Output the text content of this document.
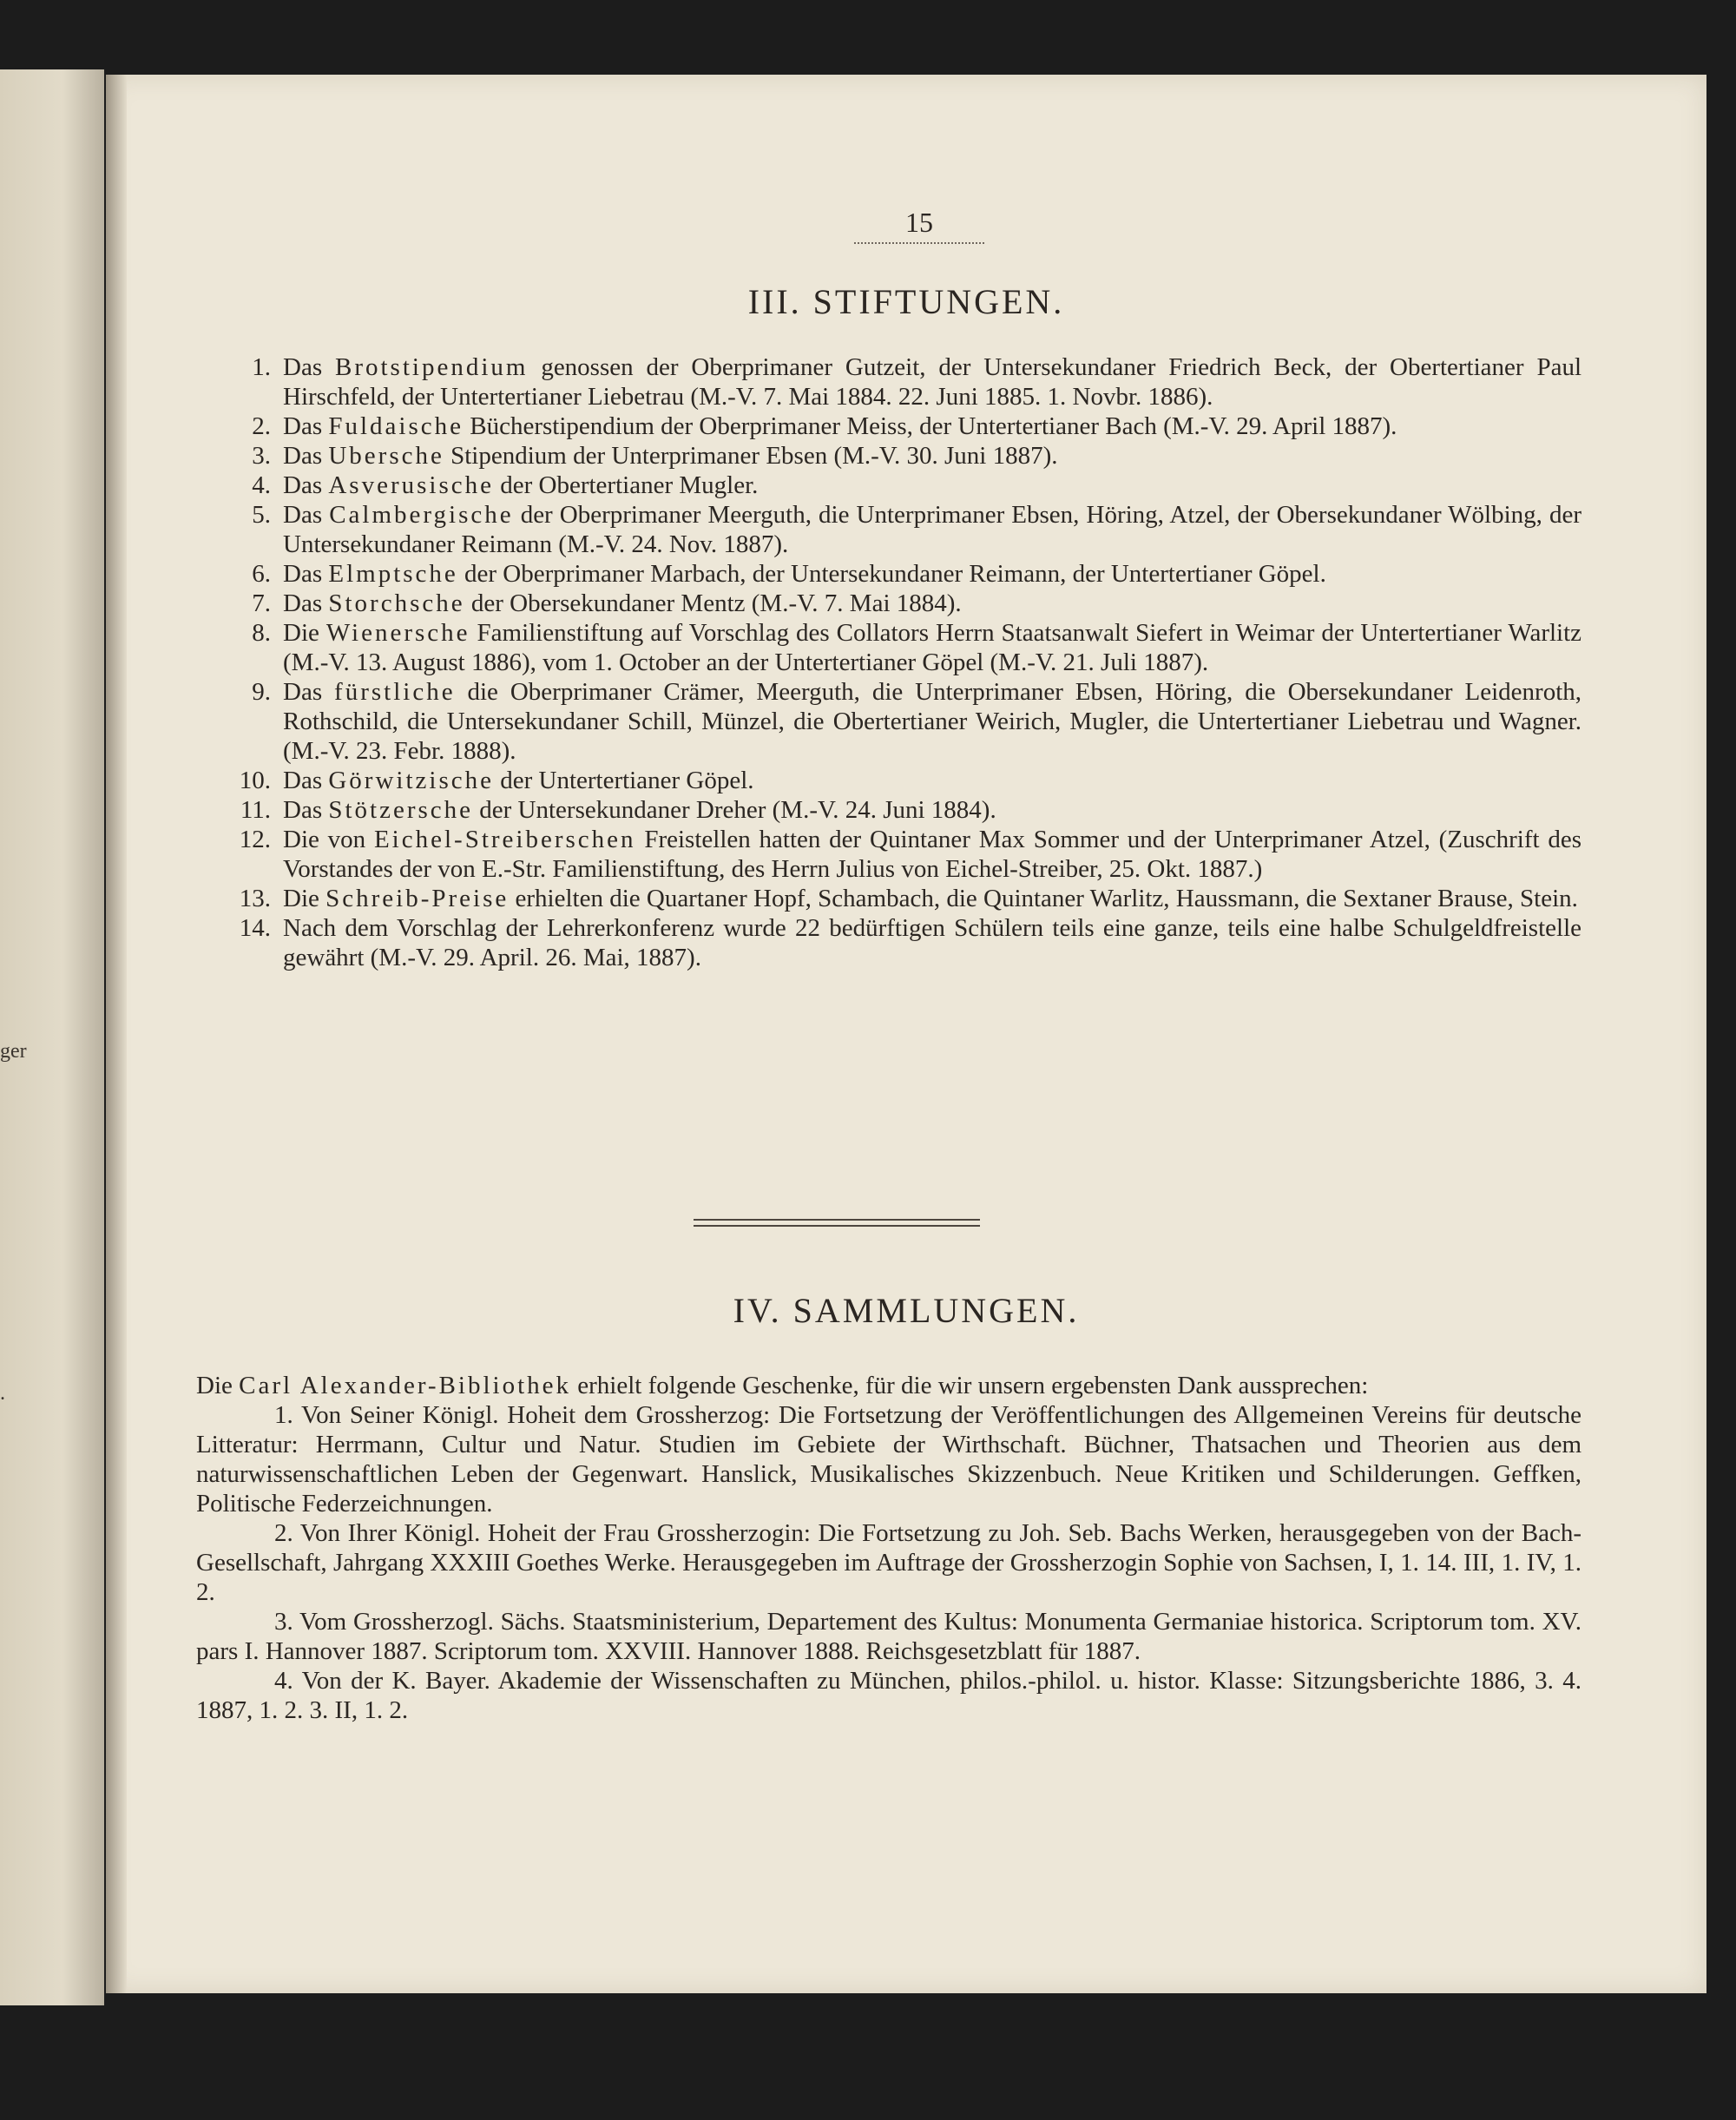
ger
.
15
III. STIFTUNGEN.
1. Das Brotstipendium genossen der Oberprimaner Gutzeit, der Untersekundaner Friedrich Beck, der Obertertianer Paul Hirschfeld, der Untertertianer Liebetrau (M.-V. 7. Mai 1884. 22. Juni 1885. 1. Novbr. 1886).
2. Das Fuldaische Bücherstipendium der Oberprimaner Meiss, der Untertertianer Bach (M.-V. 29. April 1887).
3. Das Ubersche Stipendium der Unterprimaner Ebsen (M.-V. 30. Juni 1887).
4. Das Asverusische der Obertertianer Mugler.
5. Das Calmbergische der Oberprimaner Meerguth, die Unterprimaner Ebsen, Höring, Atzel, der Obersekundaner Wölbing, der Untersekundaner Reimann (M.-V. 24. Nov. 1887).
6. Das Elmptsche der Oberprimaner Marbach, der Untersekundaner Reimann, der Untertertianer Göpel.
7. Das Storchsche der Obersekundaner Mentz (M.-V. 7. Mai 1884).
8. Die Wienersche Familienstiftung auf Vorschlag des Collators Herrn Staatsanwalt Siefert in Weimar der Untertertianer Warlitz (M.-V. 13. August 1886), vom 1. October an der Untertertianer Göpel (M.-V. 21. Juli 1887).
9. Das fürstliche die Oberprimaner Crämer, Meerguth, die Unterprimaner Ebsen, Höring, die Obersekundaner Leidenroth, Rothschild, die Untersekundaner Schill, Münzel, die Obertertianer Weirich, Mugler, die Untertertianer Liebetrau und Wagner. (M.-V. 23. Febr. 1888).
10. Das Görwitzische der Untertertianer Göpel.
11. Das Stötzersche der Untersekundaner Dreher (M.-V. 24. Juni 1884).
12. Die von Eichel-Streiberschen Freistellen hatten der Quintaner Max Sommer und der Unterprimaner Atzel, (Zuschrift des Vorstandes der von E.-Str. Familienstiftung, des Herrn Julius von Eichel-Streiber, 25. Okt. 1887.)
13. Die Schreib-Preise erhielten die Quartaner Hopf, Schambach, die Quintaner Warlitz, Haussmann, die Sextaner Brause, Stein.
14. Nach dem Vorschlag der Lehrerkonferenz wurde 22 bedürftigen Schülern teils eine ganze, teils eine halbe Schulgeldfreistelle gewährt (M.-V. 29. April. 26. Mai, 1887).
IV. SAMMLUNGEN.

Die Carl Alexander-Bibliothek erhielt folgende Geschenke, für die wir unsern ergebensten Dank aussprechen:

1. Von Seiner Königl. Hoheit dem Grossherzog: Die Fortsetzung der Veröffentlichungen des Allgemeinen Vereins für deutsche Litteratur: Herrmann, Cultur und Natur. Studien im Gebiete der Wirthschaft. Büchner, Thatsachen und Theorien aus dem naturwissenschaftlichen Leben der Gegenwart. Hanslick, Musikalisches Skizzenbuch. Neue Kritiken und Schilderungen. Geffken, Politische Federzeichnungen.

2. Von Ihrer Königl. Hoheit der Frau Grossherzogin: Die Fortsetzung zu Joh. Seb. Bachs Werken, herausgegeben von der Bach-Gesellschaft, Jahrgang XXXIII Goethes Werke. Herausgegeben im Auftrage der Grossherzogin Sophie von Sachsen, I, 1. 14. III, 1. IV, 1. 2.

3. Vom Grossherzogl. Sächs. Staatsministerium, Departement des Kultus: Monumenta Germaniae historica. Scriptorum tom. XV. pars I. Hannover 1887. Scriptorum tom. XXVIII. Hannover 1888. Reichsgesetzblatt für 1887.

4. Von der K. Bayer. Akademie der Wissenschaften zu München, philos.-philol. u. histor. Klasse: Sitzungsberichte 1886, 3. 4. 1887, 1. 2. 3. II, 1. 2.
